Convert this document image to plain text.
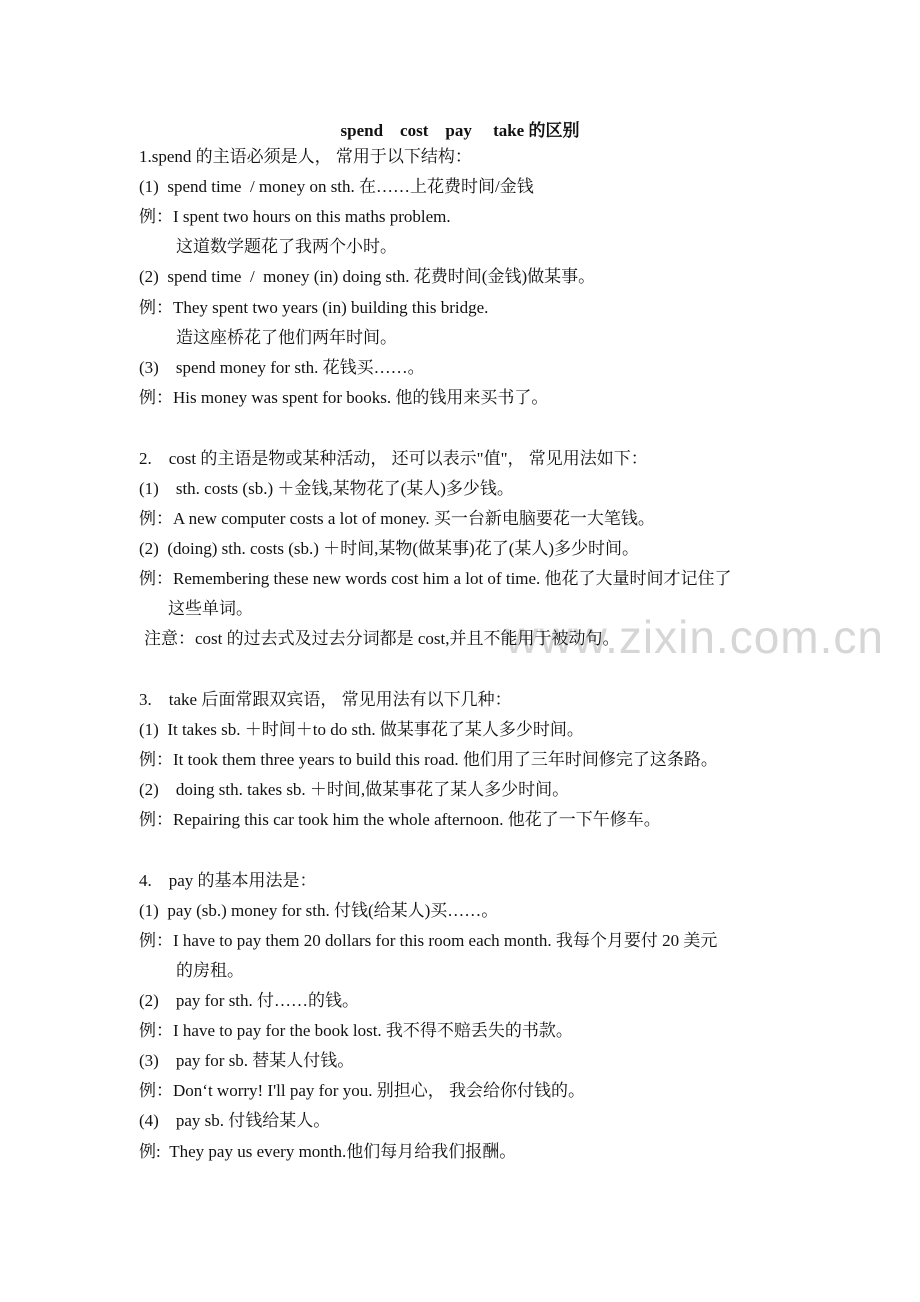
www.zixin.com.cn
spend    cost    pay     take 的区别
1.spend 的主语必须是人， 常用于以下结构：
(1)  spend time  / money on sth. 在……上花费时间/金钱
例：I spent two hours on this maths problem.
这道数学题花了我两个小时。
(2)  spend time  /  money (in) doing sth. 花费时间(金钱)做某事。
例：They spent two years (in) building this bridge.
造这座桥花了他们两年时间。
(3)    spend money for sth. 花钱买……。
例：His money was spent for books. 他的钱用来买书了。
2.    cost 的主语是物或某种活动， 还可以表示"值"， 常见用法如下：
(1)    sth. costs (sb.) ＋金钱,某物花了(某人)多少钱。
例：A new computer costs a lot of money. 买一台新电脑要花一大笔钱。
(2)  (doing) sth. costs (sb.) ＋时间,某物(做某事)花了(某人)多少时间。
例：Remembering these new words cost him a lot of time. 他花了大量时间才记住了
这些单词。
注意：cost 的过去式及过去分词都是 cost,并且不能用于被动句。
3.    take 后面常跟双宾语， 常见用法有以下几种：
(1)  It takes sb. ＋时间＋to do sth. 做某事花了某人多少时间。
例：It took them three years to build this road. 他们用了三年时间修完了这条路。
(2)    doing sth. takes sb. ＋时间,做某事花了某人多少时间。
例：Repairing this car took him the whole afternoon. 他花了一下午修车。
4.    pay 的基本用法是：
(1)  pay (sb.) money for sth. 付钱(给某人)买……。
例：I have to pay them 20 dollars for this room each month. 我每个月要付 20 美元
的房租。
(2)    pay for sth. 付……的钱。
例：I have to pay for the book lost. 我不得不赔丢失的书款。
(3)    pay for sb. 替某人付钱。
例：Don‘t worry! I'll pay for you. 别担心， 我会给你付钱的。
(4)    pay sb. 付钱给某人。
例:  They pay us every month.他们每月给我们报酬。
